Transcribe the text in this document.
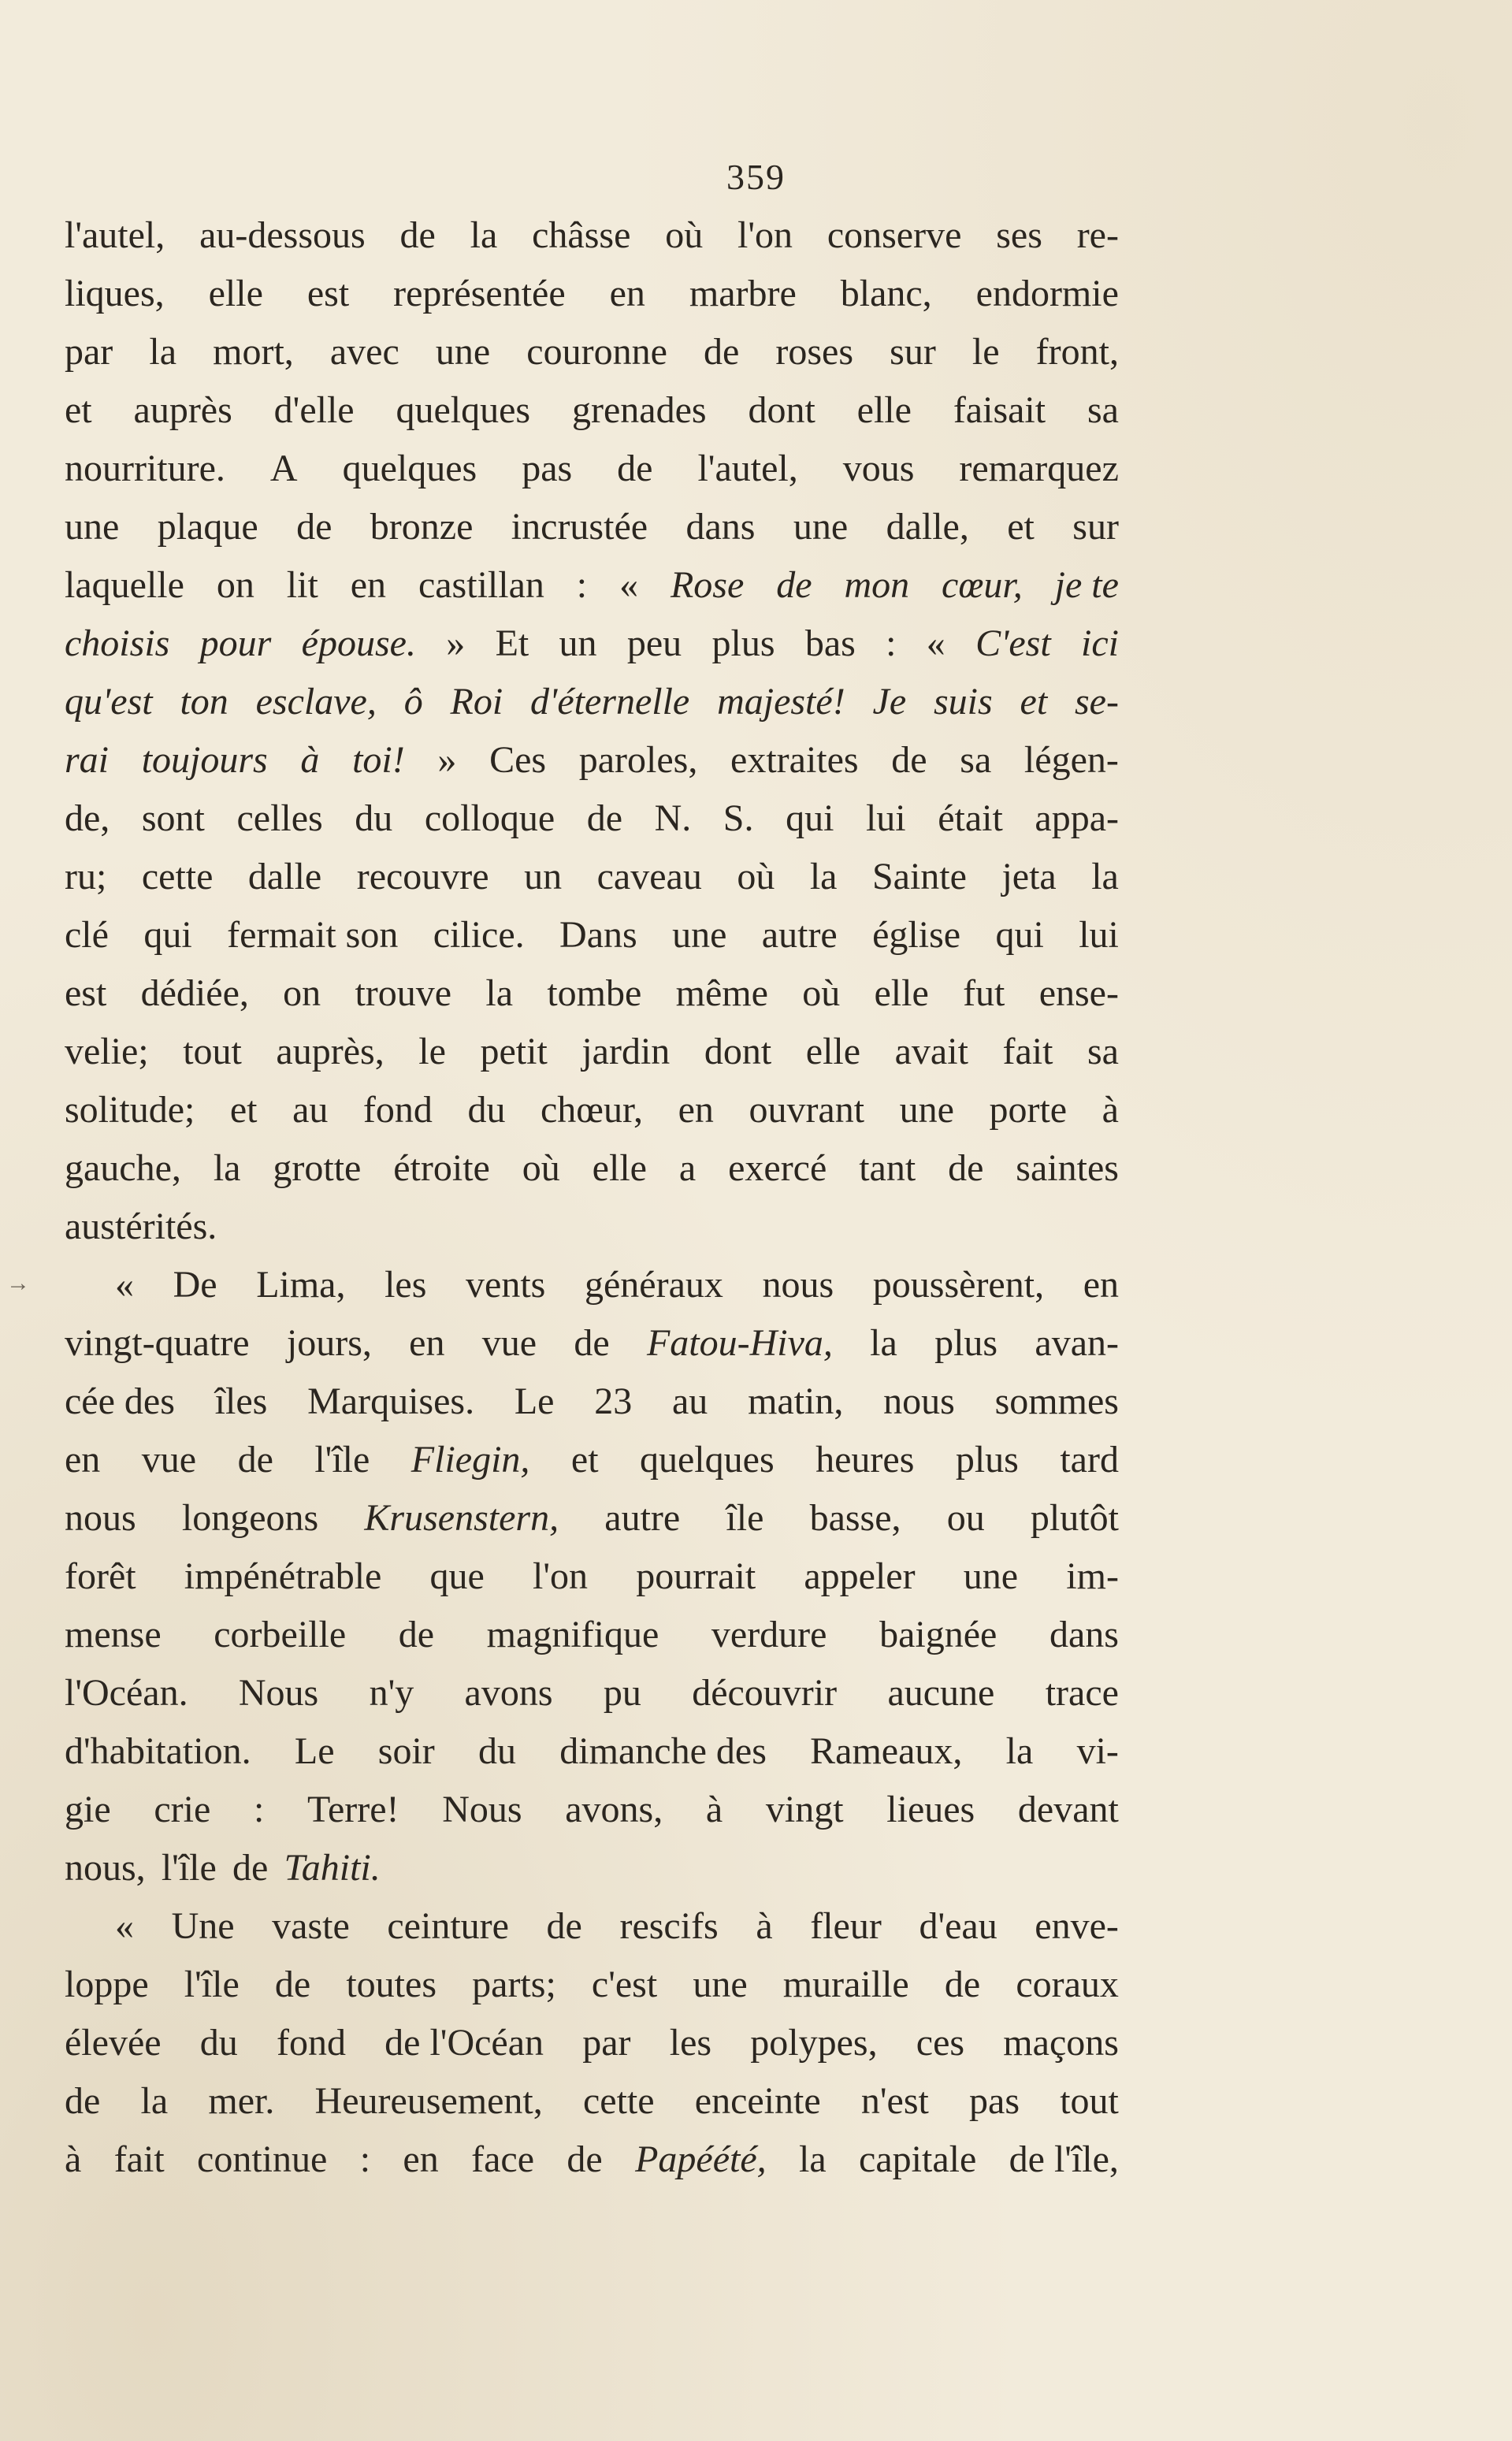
359
→
l'autel, au-dessous de la châsse où l'on conserve ses re-
liques, elle est représentée en marbre blanc, endormie
par la mort, avec une couronne de roses sur le front,
et auprès d'elle quelques grenades dont elle faisait sa
nourriture. A quelques pas de l'autel, vous remarquez
une plaque de bronze incrustée dans une dalle, et sur
laquelle on lit en castillan : « Rose de mon cœur, je te
choisis pour épouse. » Et un peu plus bas : « C'est ici
qu'est ton esclave, ô Roi d'éternelle majesté! Je suis et se-
rai toujours à toi! » Ces paroles, extraites de sa légen-
de, sont celles du colloque de N. S. qui lui était appa-
ru; cette dalle recouvre un caveau où la Sainte jeta la
clé qui fermait son cilice. Dans une autre église qui lui
est dédiée, on trouve la tombe même où elle fut ense-
velie; tout auprès, le petit jardin dont elle avait fait sa
solitude; et au fond du chœur, en ouvrant une porte à
gauche, la grotte étroite où elle a exercé tant de saintes
austérités.
« De Lima, les vents généraux nous poussèrent, en
vingt-quatre jours, en vue de Fatou-Hiva, la plus avan-
cée des îles Marquises. Le 23 au matin, nous sommes
en vue de l'île Fliegin, et quelques heures plus tard
nous longeons Krusenstern, autre île basse, ou plutôt
forêt impénétrable que l'on pourrait appeler une im-
mense corbeille de magnifique verdure baignée dans
l'Océan. Nous n'y avons pu découvrir aucune trace
d'habitation. Le soir du dimanche des Rameaux, la vi-
gie crie : Terre! Nous avons, à vingt lieues devant
nous, l'île de Tahiti.
« Une vaste ceinture de rescifs à fleur d'eau enve-
loppe l'île de toutes parts; c'est une muraille de coraux
élevée du fond de l'Océan par les polypes, ces maçons
de la mer. Heureusement, cette enceinte n'est pas tout
à fait continue : en face de Papéété, la capitale de l'île,
